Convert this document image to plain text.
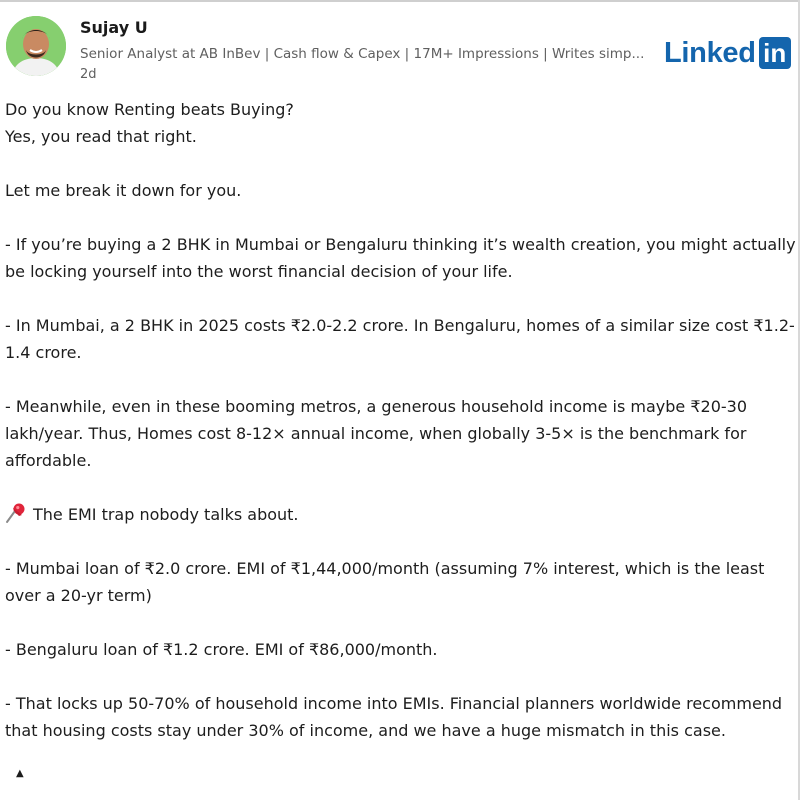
Sujay U
Senior Analyst at AB InBev | Cash flow & Capex | 17M+ Impressions | Writes simp...
2d
Linked in
Do you know Renting beats Buying?
Yes, you read that right.
Let me break it down for you.
- If you’re buying a 2 BHK in Mumbai or Bengaluru thinking it’s wealth creation, you might actually
be locking yourself into the worst financial decision of your life.
- In Mumbai, a 2 BHK in 2025 costs ₹2.0-2.2 crore. In Bengaluru, homes of a similar size cost ₹1.2-
1.4 crore.
- Meanwhile, even in these booming metros, a generous household income is maybe ₹20-30
lakh/year. Thus, Homes cost 8-12× annual income, when globally 3-5× is the benchmark for
affordable.
The EMI trap nobody talks about.
- Mumbai loan of ₹2.0 crore. EMI of ₹1,44,000/month (assuming 7% interest, which is the least
over a 20-yr term)
- Bengaluru loan of ₹1.2 crore. EMI of ₹86,000/month.
- That locks up 50-70% of household income into EMIs. Financial planners worldwide recommend
that housing costs stay under 30% of income, and we have a huge mismatch in this case.
▲
